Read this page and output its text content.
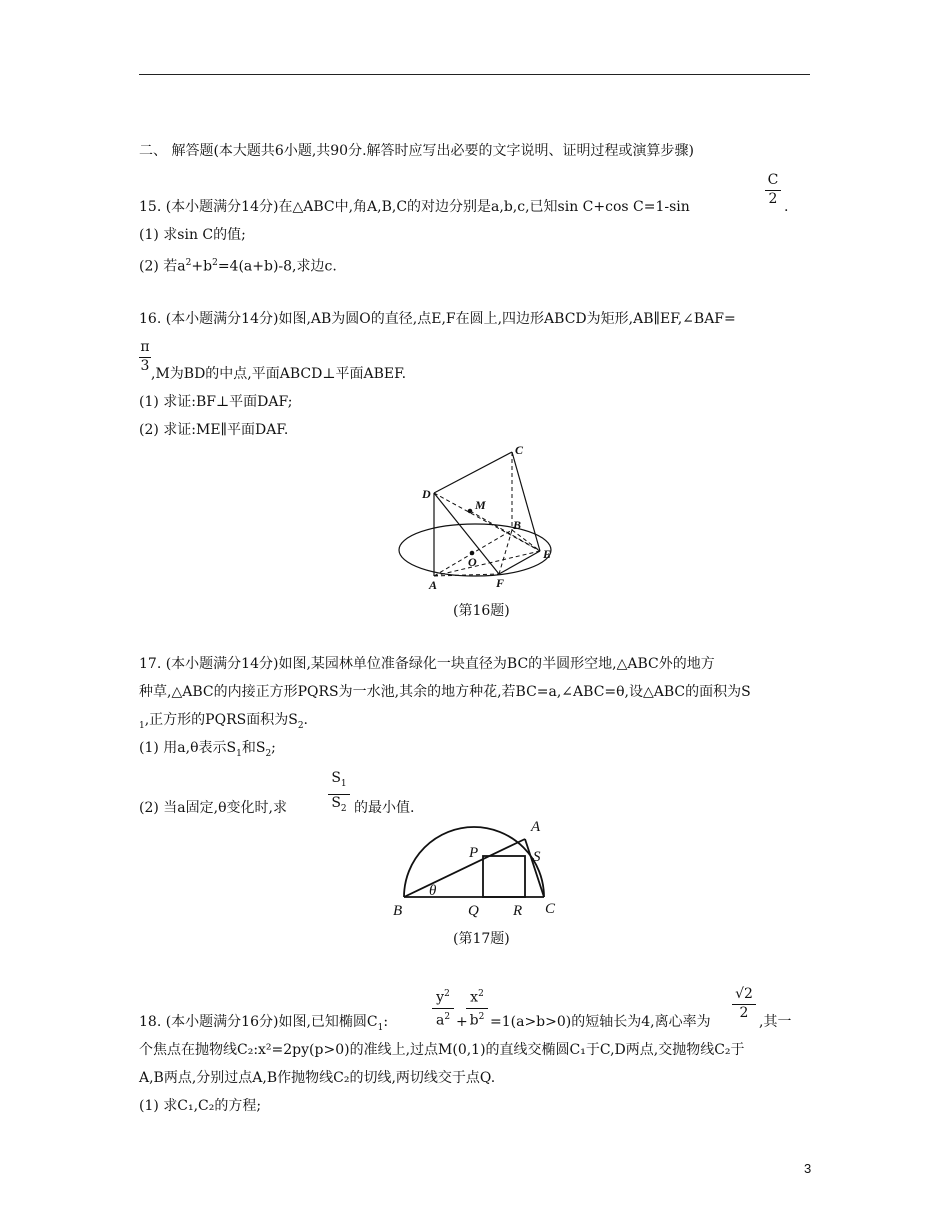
二、 解答题(本大题共6小题,共90分.解答时应写出必要的文字说明、证明过程或演算步骤)
15. (本小题满分14分)在△ABC中,角A,B,C的对边分别是a,b,c,已知sin C+cos C=1-sin	$\frac{C}{2}$ .
(1) 求sin C的值;
(2) 若$a^2+b^2=4(a+b)-8$,求边c.
16. (本小题满分14分)如图,AB为圆O的直径,点E,F在圆上,四边形ABCD为矩形,AB∥EF,∠BAF=
$\frac{\pi}{3} ,M$为BD的中点,平面ABCD⊥平面ABEF.
(1) 求证:BF⊥平面DAF;
(2) 求证:ME∥平面DAF.
C
D
M
B
E
O
A	F
(第16题)
17. (本小题满分14分)如图,某园林单位准备绿化一块直径为BC的半圆形空地,△ABC外的地方
种草,△ABC的内接正方形PQRS为一水池,其余的地方种花,若BC=a,∠ABC=θ,设△ABC的面积为S
$_1$,正方形的PQRS面积为$S_2$.
(1) 用a,θ表示$S_1$和$S_2$;
(2) 当a固定,θ变化时,求	$\frac{S_1}{S_2}$ 的最小值.
A
P	S
θ
B	Q R C
(第17题)
18. (本小题满分16分)如图,已知椭圆$C_1$:	$\frac{y^2}{a^2}$ +
$\frac{x^2}{b^2} =1(a>b>0)$的短轴长为4,离心率为
$\frac{√2}{2}$
,其一
个焦点在抛物线C₂:x²=2py(p>0)的准线上,过点M(0,1)的直线交椭圆C₁于C,D两点,交抛物线C₂于
A,B两点,分别过点A,B作抛物线C₂的切线,两切线交于点Q.
(1) 求C₁,C₂的方程;
3
